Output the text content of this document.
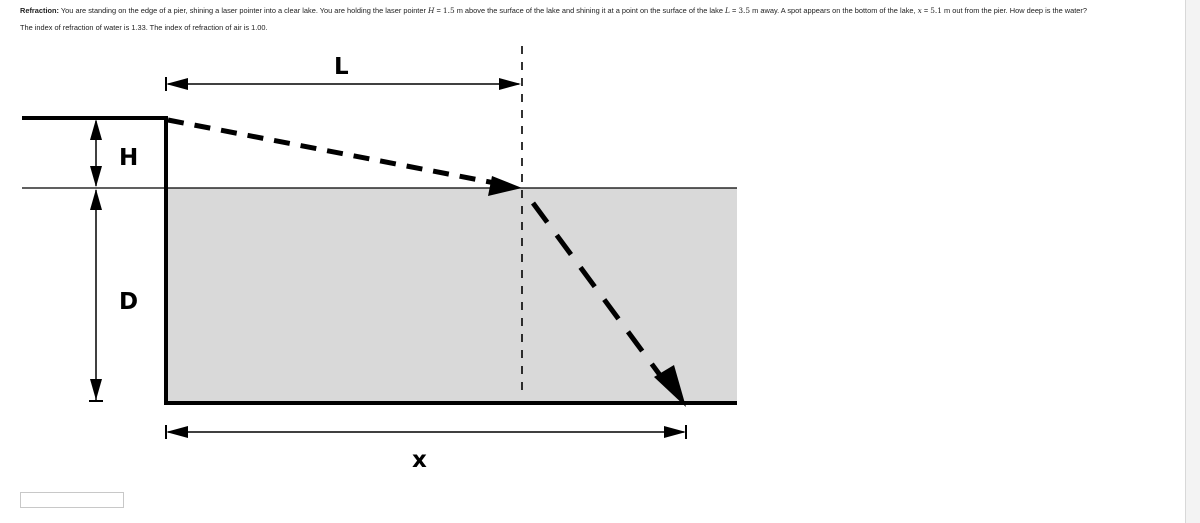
Refraction: You are standing on the edge of a pier, shining a laser pointer into a clear lake. You are holding the laser pointer H = 1.5 m above the surface of the lake and shining it at a point on the surface of the lake L = 3.5 m away. A spot appears on the bottom of the lake, x = 5.1 m out from the pier. How deep is the water?
The index of refraction of water is 1.33. The index of refraction of air is 1.00.
L
H
D
x
